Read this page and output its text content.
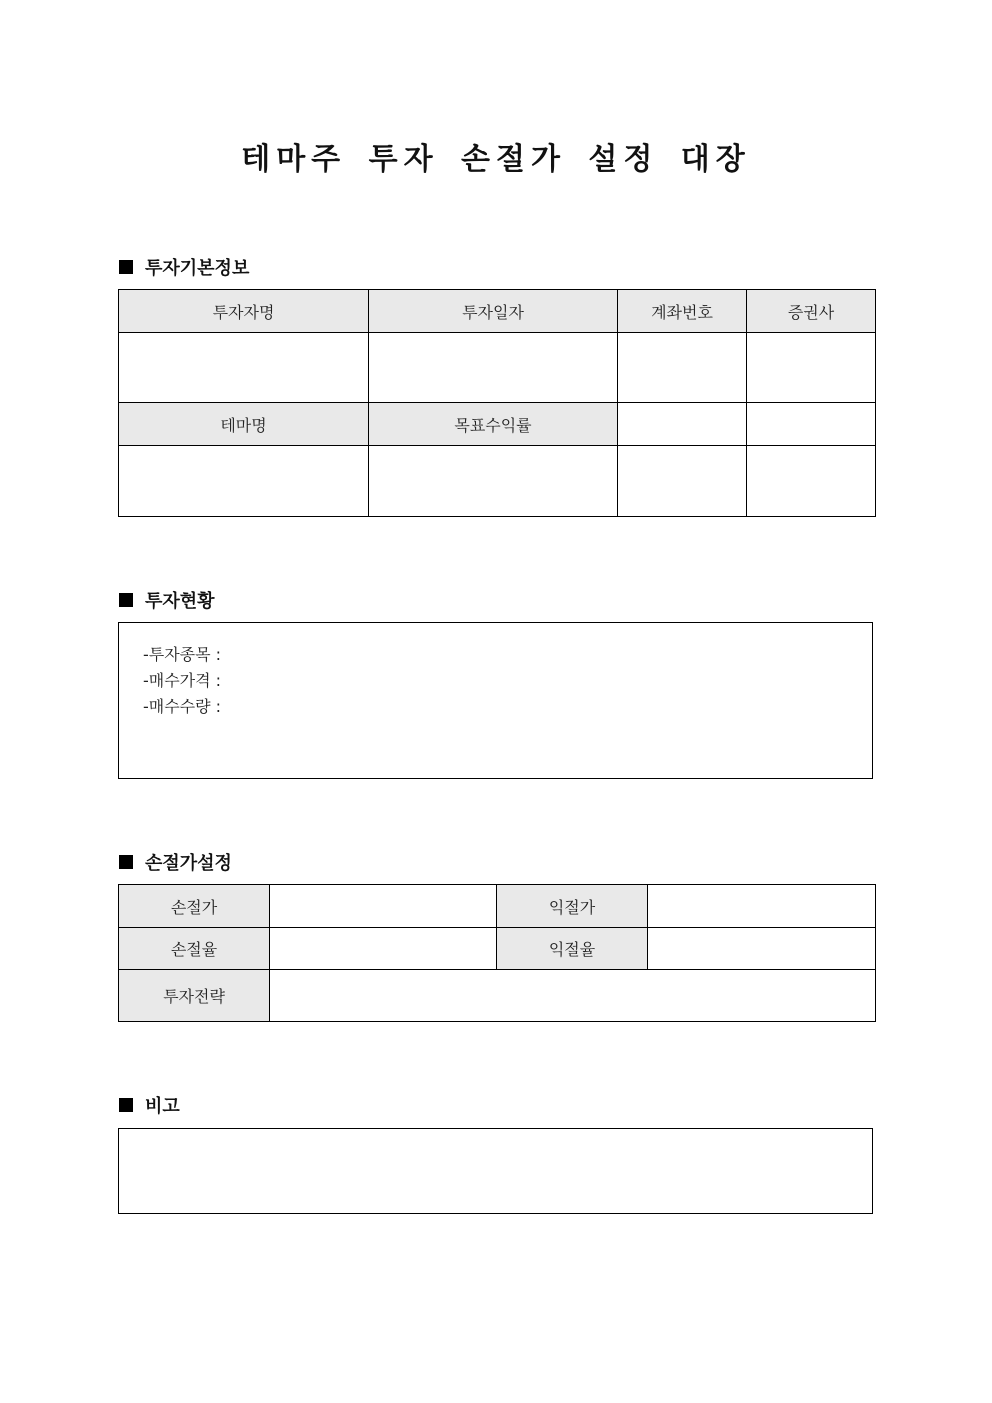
테마주 투자 손절가 설정 대장
투자기본정보
투자자명	투자일자	계좌번호	증권사

테마명	목표수익률		

투자현황
-투자종목 :
-매수가격 :
-매수수량 :
손절가설정
손절가		익절가	
손절율		익절율	
투자전략			
비고
